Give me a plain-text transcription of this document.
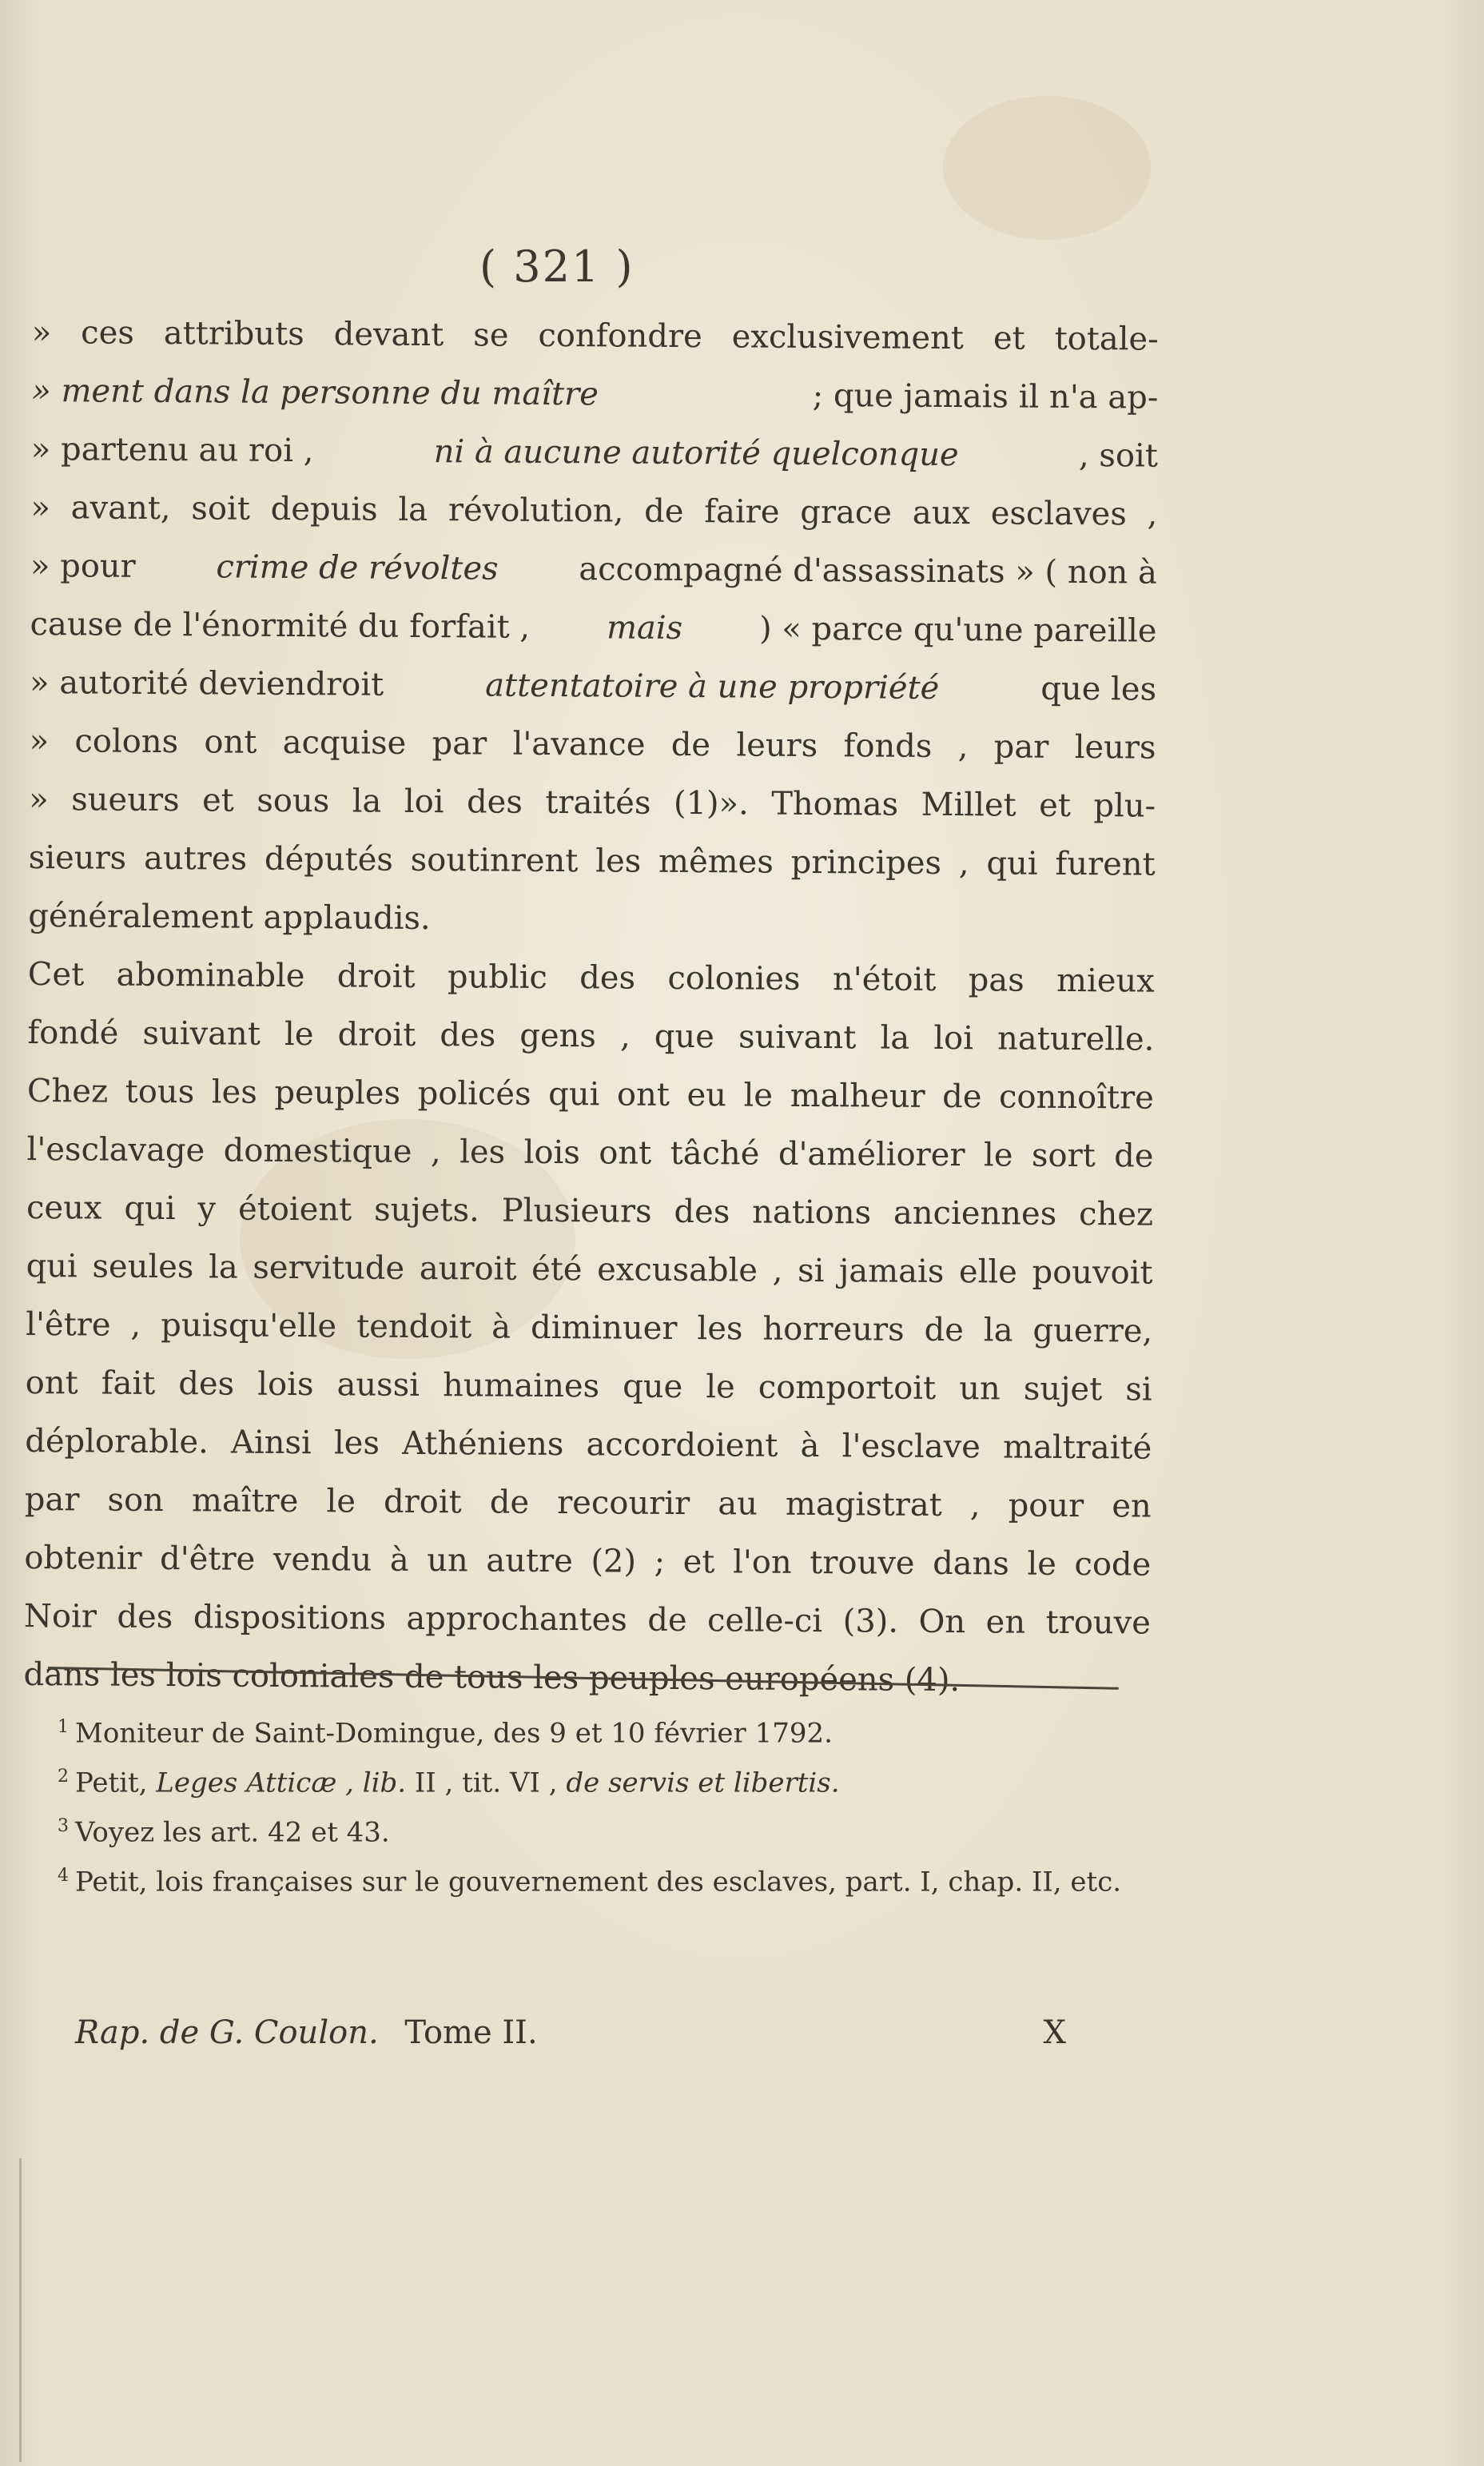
( 321 )
» ces attributs devant se confondre exclusivement et totale-
» ment dans la personne du maître	; que jamais il n'a ap-
» partenu au roi ,	ni à aucune autorité quelconque	, soit
» avant, soit depuis la révolution, de faire grace aux esclaves ,
» pour	crime de révoltes	accompagné d'assassinats » ( non à
cause de l'énormité du forfait , mais ) « parce qu'une pareille
» autorité deviendroit	attentatoire à une propriété	que les
» colons ont acquise par l'avance de leurs fonds , par leurs
» sueurs et sous la loi des traités (1)». Thomas Millet et plu-
sieurs autres députés soutinrent les mêmes principes , qui furent
généralement applaudis.
Cet abominable droit public des colonies n'étoit pas mieux
fondé suivant le droit des gens , que suivant la loi naturelle.
Chez tous les peuples policés qui ont eu le malheur de connoître
l'esclavage domestique , les lois ont tâché d'améliorer le sort de
ceux qui y étoient sujets. Plusieurs des nations anciennes chez
qui seules la servitude auroit été excusable , si jamais elle pouvoit
l'être , puisqu'elle tendoit à diminuer les horreurs de la guerre,
ont fait des lois aussi humaines que le comportoit un sujet si
déplorable. Ainsi les Athéniens accordoient à l'esclave maltraité
par son maître le droit de recourir au magistrat , pour en
obtenir d'être vendu à un autre (2) ; et l'on trouve dans le code
Noir des dispositions approchantes de celle-ci (3). On en trouve
dans les lois coloniales de tous les peuples européens (4).
$^1$ Moniteur de Saint-Domingue, des 9 et 10 février 1792.
$^2$ Petit, Leges Atticæ , lib. II , tit. VI , de servis et libertis.
$^3$ Voyez les art. 42 et 43.
$^4$ Petit, lois françaises sur le gouvernement des esclaves, part. I, chap. II, etc.
Rap. de G. Coulon. Tome II.	X
